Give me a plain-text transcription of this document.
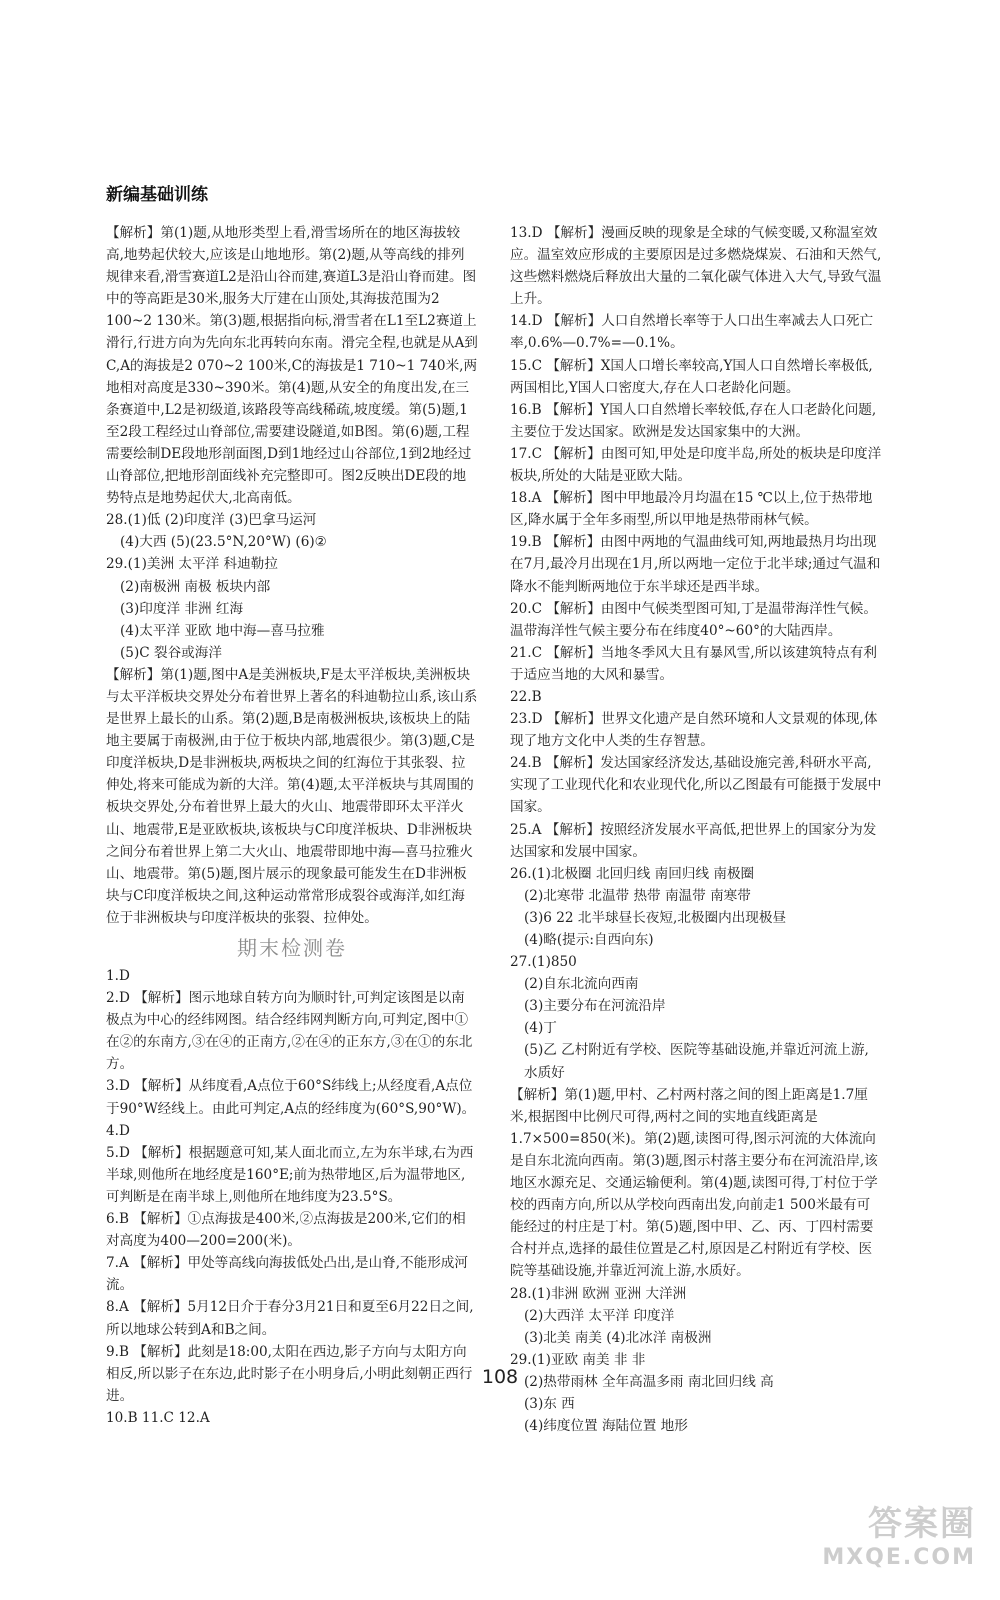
新编基础训练
【解析】第(1)题,从地形类型上看,滑雪场所在的地区海拔较高,地势起伏较大,应该是山地地形。第(2)题,从等高线的排列规律来看,滑雪赛道L2是沿山谷而建,赛道L3是沿山脊而建。图中的等高距是30米,服务大厅建在山顶处,其海拔范围为2 100~2 130米。第(3)题,根据指向标,滑雪者在L1至L2赛道上滑行,行进方向为先向东北再转向东南。滑完全程,也就是从A到C,A的海拔是2 070~2 100米,C的海拔是1 710~1 740米,两地相对高度是330~390米。第(4)题,从安全的角度出发,在三条赛道中,L2是初级道,该路段等高线稀疏,坡度缓。第(5)题,1至2段工程经过山脊部位,需要建设隧道,如B图。第(6)题,工程需要绘制DE段地形剖面图,D到1地经过山谷部位,1到2地经过山脊部位,把地形剖面线补充完整即可。图2反映出DE段的地势特点是地势起伏大,北高南低。
28.(1)低 (2)印度洋 (3)巴拿马运河
(4)大西 (5)(23.5°N,20°W) (6)②
29.(1)美洲 太平洋 科迪勒拉
(2)南极洲 南极 板块内部
(3)印度洋 非洲 红海
(4)太平洋 亚欧 地中海—喜马拉雅
(5)C 裂谷或海洋
【解析】第(1)题,图中A是美洲板块,F是太平洋板块,美洲板块与太平洋板块交界处分布着世界上著名的科迪勒拉山系,该山系是世界上最长的山系。第(2)题,B是南极洲板块,该板块上的陆地主要属于南极洲,由于位于板块内部,地震很少。第(3)题,C是印度洋板块,D是非洲板块,两板块之间的红海位于其张裂、拉伸处,将来可能成为新的大洋。第(4)题,太平洋板块与其周围的板块交界处,分布着世界上最大的火山、地震带即环太平洋火山、地震带,E是亚欧板块,该板块与C印度洋板块、D非洲板块之间分布着世界上第二大火山、地震带即地中海—喜马拉雅火山、地震带。第(5)题,图片展示的现象最可能发生在D非洲板块与C印度洋板块之间,这种运动常常形成裂谷或海洋,如红海位于非洲板块与印度洋板块的张裂、拉伸处。
期末检测卷
1.D
2.D 【解析】图示地球自转方向为顺时针,可判定该图是以南极点为中心的经纬网图。结合经纬网判断方向,可判定,图中①在②的东南方,③在④的正南方,②在④的正东方,③在①的东北方。
3.D 【解析】从纬度看,A点位于60°S纬线上;从经度看,A点位于90°W经线上。由此可判定,A点的经纬度为(60°S,90°W)。
4.D
5.D 【解析】根据题意可知,某人面北而立,左为东半球,右为西半球,则他所在地经度是160°E;前为热带地区,后为温带地区,可判断是在南半球上,则他所在地纬度为23.5°S。
6.B 【解析】①点海拔是400米,②点海拔是200米,它们的相对高度为400—200=200(米)。
7.A 【解析】甲处等高线向海拔低处凸出,是山脊,不能形成河流。
8.A 【解析】5月12日介于春分3月21日和夏至6月22日之间,所以地球公转到A和B之间。
9.B 【解析】此刻是18:00,太阳在西边,影子方向与太阳方向相反,所以影子在东边,此时影子在小明身后,小明此刻朝正西行进。
10.B 11.C 12.A
13.D 【解析】漫画反映的现象是全球的气候变暖,又称温室效应。温室效应形成的主要原因是过多燃烧煤炭、石油和天然气,这些燃料燃烧后释放出大量的二氧化碳气体进入大气,导致气温上升。
14.D 【解析】人口自然增长率等于人口出生率减去人口死亡率,0.6%—0.7%=—0.1%。
15.C 【解析】X国人口增长率较高,Y国人口自然增长率极低,两国相比,Y国人口密度大,存在人口老龄化问题。
16.B 【解析】Y国人口自然增长率较低,存在人口老龄化问题,主要位于发达国家。欧洲是发达国家集中的大洲。
17.C 【解析】由图可知,甲处是印度半岛,所处的板块是印度洋板块,所处的大陆是亚欧大陆。
18.A 【解析】图中甲地最冷月均温在15 ℃以上,位于热带地区,降水属于全年多雨型,所以甲地是热带雨林气候。
19.B 【解析】由图中两地的气温曲线可知,两地最热月均出现在7月,最冷月出现在1月,所以两地一定位于北半球;通过气温和降水不能判断两地位于东半球还是西半球。
20.C 【解析】由图中气候类型图可知,丁是温带海洋性气候。温带海洋性气候主要分布在纬度40°~60°的大陆西岸。
21.C 【解析】当地冬季风大且有暴风雪,所以该建筑特点有利于适应当地的大风和暴雪。
22.B
23.D 【解析】世界文化遗产是自然环境和人文景观的体现,体现了地方文化中人类的生存智慧。
24.B 【解析】发达国家经济发达,基础设施完善,科研水平高,实现了工业现代化和农业现代化,所以乙图最有可能摄于发展中国家。
25.A 【解析】按照经济发展水平高低,把世界上的国家分为发达国家和发展中国家。
26.(1)北极圈 北回归线 南回归线 南极圈
(2)北寒带 北温带 热带 南温带 南寒带
(3)6 22 北半球昼长夜短,北极圈内出现极昼
(4)略(提示:自西向东)
27.(1)850
(2)自东北流向西南
(3)主要分布在河流沿岸
(4)丁
(5)乙 乙村附近有学校、医院等基础设施,并靠近河流上游,水质好
【解析】第(1)题,甲村、乙村两村落之间的图上距离是1.7厘米,根据图中比例尺可得,两村之间的实地直线距离是1.7×500=850(米)。第(2)题,读图可得,图示河流的大体流向是自东北流向西南。第(3)题,图示村落主要分布在河流沿岸,该地区水源充足、交通运输便利。第(4)题,读图可得,丁村位于学校的西南方向,所以从学校向西南出发,向前走1 500米最有可能经过的村庄是丁村。第(5)题,图中甲、乙、丙、丁四村需要合村并点,选择的最佳位置是乙村,原因是乙村附近有学校、医院等基础设施,并靠近河流上游,水质好。
28.(1)非洲 欧洲 亚洲 大洋洲
(2)大西洋 太平洋 印度洋
(3)北美 南美 (4)北冰洋 南极洲
29.(1)亚欧 南美 非 非
(2)热带雨林 全年高温多雨 南北回归线 高
(3)东 西
(4)纬度位置 海陆位置 地形
108
答案圈
MXQE.COM
